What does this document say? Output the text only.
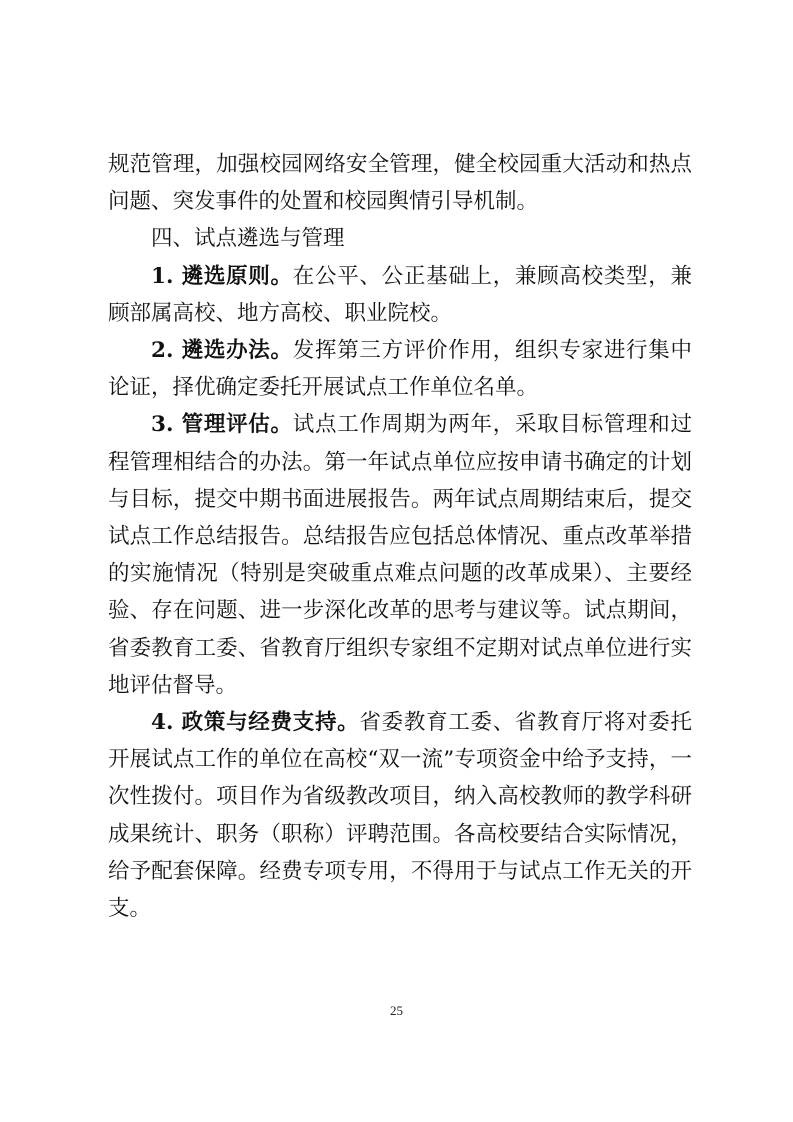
规范管理，加强校园网络安全管理，健全校园重大活动和热点问题、突发事件的处置和校园舆情引导机制。

四、试点遴选与管理

1. 遴选原则。在公平、公正基础上，兼顾高校类型，兼顾部属高校、地方高校、职业院校。

2. 遴选办法。发挥第三方评价作用，组织专家进行集中论证，择优确定委托开展试点工作单位名单。

3. 管理评估。试点工作周期为两年，采取目标管理和过程管理相结合的办法。第一年试点单位应按申请书确定的计划与目标，提交中期书面进展报告。两年试点周期结束后，提交试点工作总结报告。总结报告应包括总体情况、重点改革举措的实施情况（特别是突破重点难点问题的改革成果）、主要经验、存在问题、进一步深化改革的思考与建议等。试点期间，省委教育工委、省教育厅组织专家组不定期对试点单位进行实地评估督导。

4. 政策与经费支持。省委教育工委、省教育厅将对委托开展试点工作的单位在高校“双一流”专项资金中给予支持，一次性拨付。项目作为省级教改项目，纳入高校教师的教学科研成果统计、职务（职称）评聘范围。各高校要结合实际情况，给予配套保障。经费专项专用，不得用于与试点工作无关的开支。

25
